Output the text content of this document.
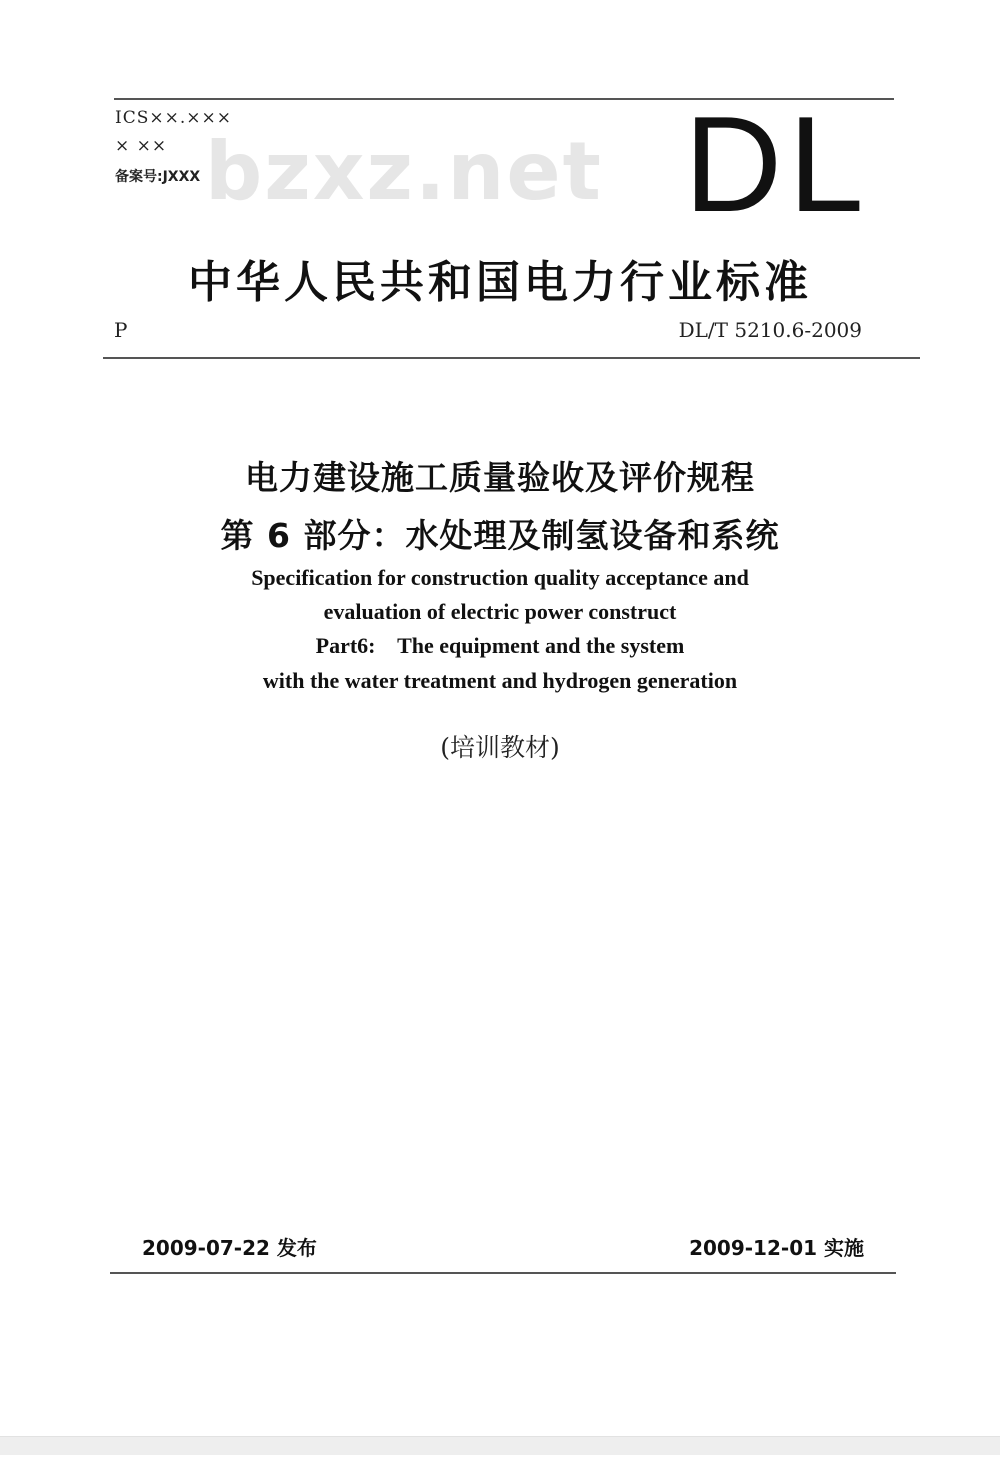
ICS××.×××
× ××
备案号:JXXX bzxz.net DL
中华人民共和国电力行业标准
P	DL/T 5210.6-2009
电力建设施工质量验收及评价规程
第 6 部分：水处理及制氢设备和系统
Specification for construction quality acceptance and
evaluation of electric power construct
Part6:    The equipment and the system
with the water treatment and hydrogen generation
(培训教材)
2009-07-22 发布	2009-12-01 实施
